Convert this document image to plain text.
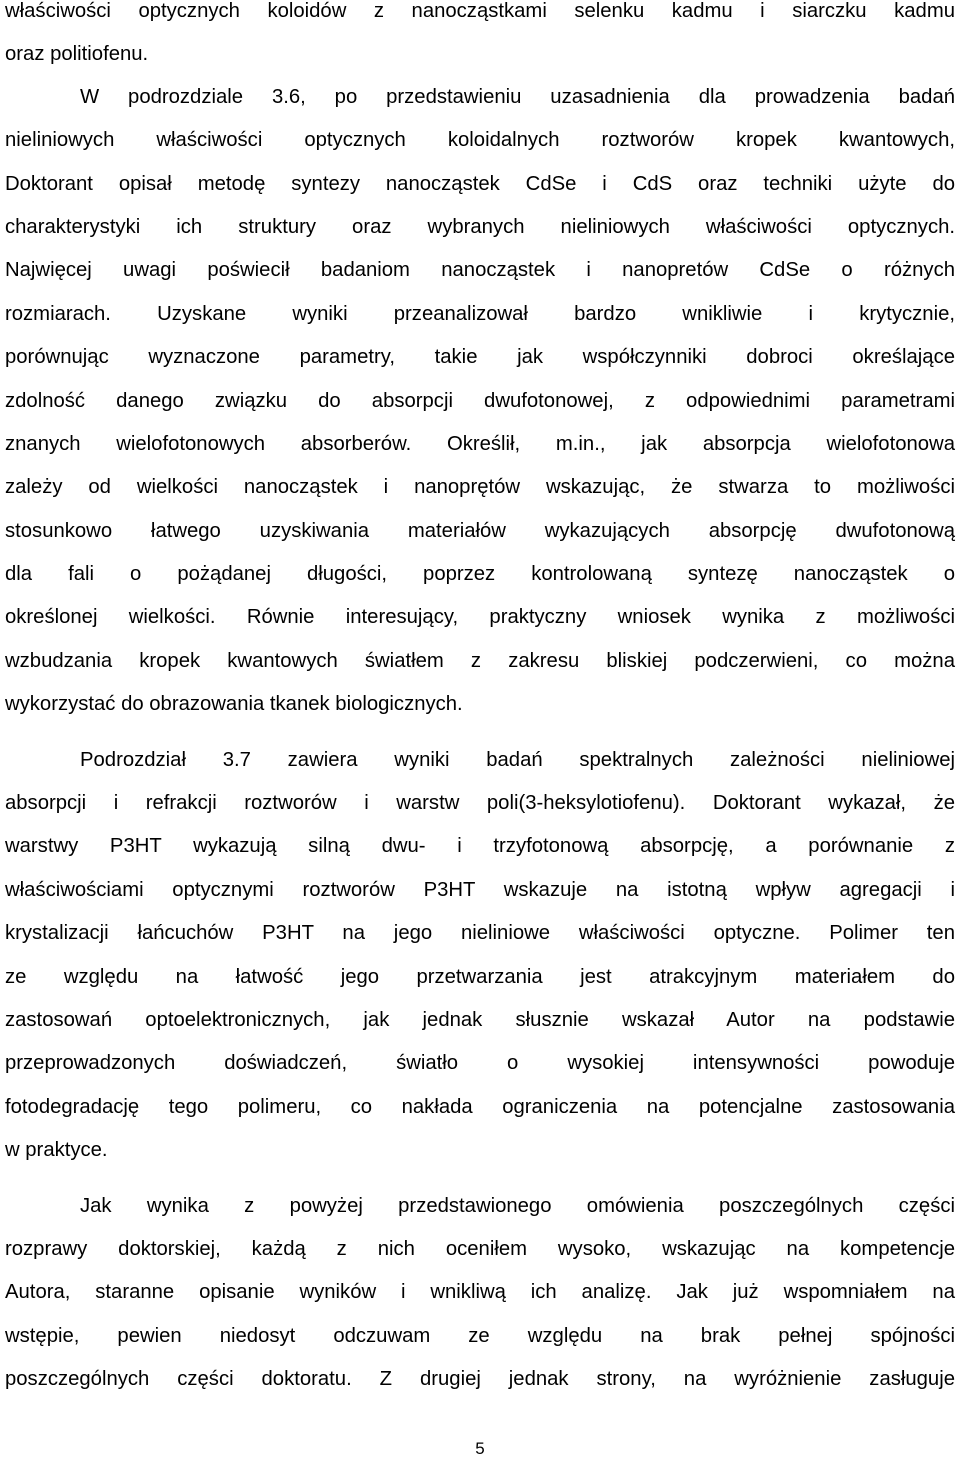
właściwości optycznych koloidów z nanocząstkami selenku kadmu i siarczku kadmu
oraz politiofenu.
W podrozdziale 3.6, po przedstawieniu uzasadnienia dla prowadzenia badań
nieliniowych właściwości optycznych koloidalnych roztworów kropek kwantowych,
Doktorant opisał metodę syntezy nanocząstek CdSe i CdS oraz techniki użyte do
charakterystyki ich struktury oraz wybranych nieliniowych właściwości optycznych.
Najwięcej uwagi poświecił badaniom nanocząstek i nanopretów CdSe o różnych
rozmiarach. Uzyskane wyniki przeanalizował bardzo wnikliwie i krytycznie,
porównując wyznaczone parametry, takie jak współczynniki dobroci określające
zdolność danego związku do absorpcji dwufotonowej, z odpowiednimi parametrami
znanych wielofotonowych absorberów. Określił, m.in., jak absorpcja wielofotonowa
zależy od wielkości nanocząstek i nanoprętów wskazując, że stwarza to możliwości
stosunkowo łatwego uzyskiwania materiałów wykazujących absorpcję dwufotonową
dla fali o pożądanej długości, poprzez kontrolowaną syntezę nanocząstek o
określonej wielkości. Równie interesujący, praktyczny wniosek wynika z możliwości
wzbudzania kropek kwantowych światłem z zakresu bliskiej podczerwieni, co można
wykorzystać do obrazowania tkanek biologicznych.
Podrozdział 3.7 zawiera wyniki badań spektralnych zależności nieliniowej
absorpcji i refrakcji roztworów i warstw poli(3-heksylotiofenu). Doktorant wykazał, że
warstwy P3HT wykazują silną dwu- i trzyfotonową absorpcję, a porównanie z
właściwościami optycznymi roztworów P3HT wskazuje na istotną wpływ agregacji i
krystalizacji łańcuchów P3HT na jego nieliniowe właściwości optyczne. Polimer ten
ze względu na łatwość jego przetwarzania jest atrakcyjnym materiałem do
zastosowań optoelektronicznych, jak jednak słusznie wskazał Autor na podstawie
przeprowadzonych doświadczeń, światło o wysokiej intensywności powoduje
fotodegradację tego polimeru, co nakłada ograniczenia na potencjalne zastosowania
w praktyce.
Jak wynika z powyżej przedstawionego omówienia poszczególnych części
rozprawy doktorskiej, każdą z nich oceniłem wysoko, wskazując na kompetencje
Autora, staranne opisanie wyników i wnikliwą ich analizę. Jak już wspomniałem na
wstępie, pewien niedosyt odczuwam ze względu na brak pełnej spójności
poszczególnych części doktoratu. Z drugiej jednak strony, na wyróżnienie zasługuje
5
